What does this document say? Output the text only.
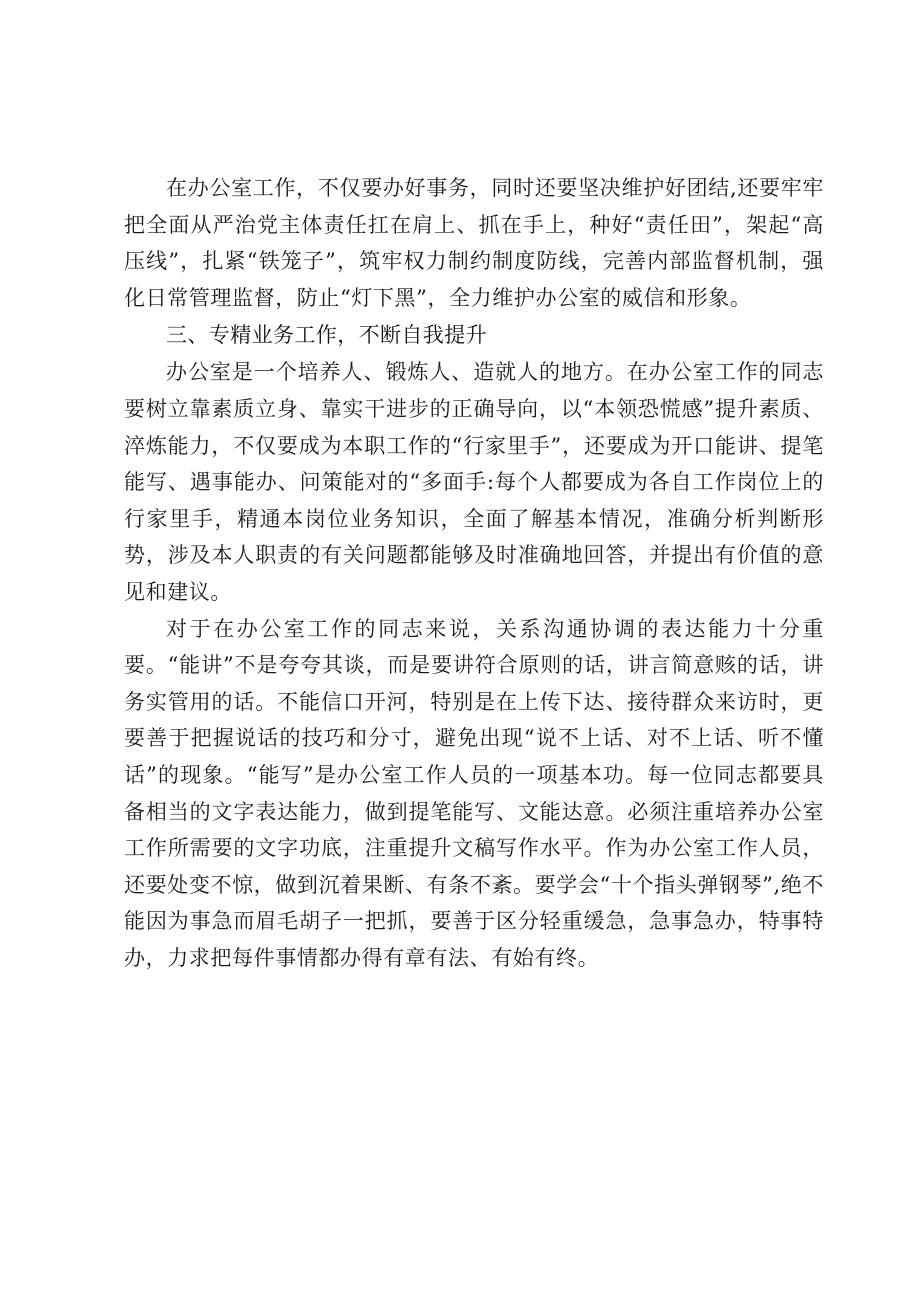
在办公室工作，不仅要办好事务，同时还要坚决维护好团结,还要牢牢把全面从严治党主体责任扛在肩上、抓在手上，种好“责任田”，架起“高压线”，扎紧“铁笼子”，筑牢权力制约制度防线，完善内部监督机制，强化日常管理监督，防止“灯下黑”，全力维护办公室的威信和形象。

三、专精业务工作，不断自我提升

办公室是一个培养人、锻炼人、造就人的地方。在办公室工作的同志要树立靠素质立身、靠实干进步的正确导向，以“本领恐慌感”提升素质、淬炼能力，不仅要成为本职工作的“行家里手”，还要成为开口能讲、提笔能写、遇事能办、问策能对的“多面手:每个人都要成为各自工作岗位上的行家里手，精通本岗位业务知识，全面了解基本情况，准确分析判断形势，涉及本人职责的有关问题都能够及时准确地回答，并提出有价值的意见和建议。

对于在办公室工作的同志来说，关系沟通协调的表达能力十分重要。“能讲”不是夸夸其谈，而是要讲符合原则的话，讲言简意赅的话，讲务实管用的话。不能信口开河，特别是在上传下达、接待群众来访时，更要善于把握说话的技巧和分寸，避免出现“说不上话、对不上话、听不懂话”的现象。“能写”是办公室工作人员的一项基本功。每一位同志都要具备相当的文字表达能力，做到提笔能写、文能达意。必须注重培养办公室工作所需要的文字功底，注重提升文稿写作水平。作为办公室工作人员，还要处变不惊，做到沉着果断、有条不紊。要学会“十个指头弹钢琴”,绝不能因为事急而眉毛胡子一把抓，要善于区分轻重缓急，急事急办，特事特办，力求把每件事情都办得有章有法、有始有终。
